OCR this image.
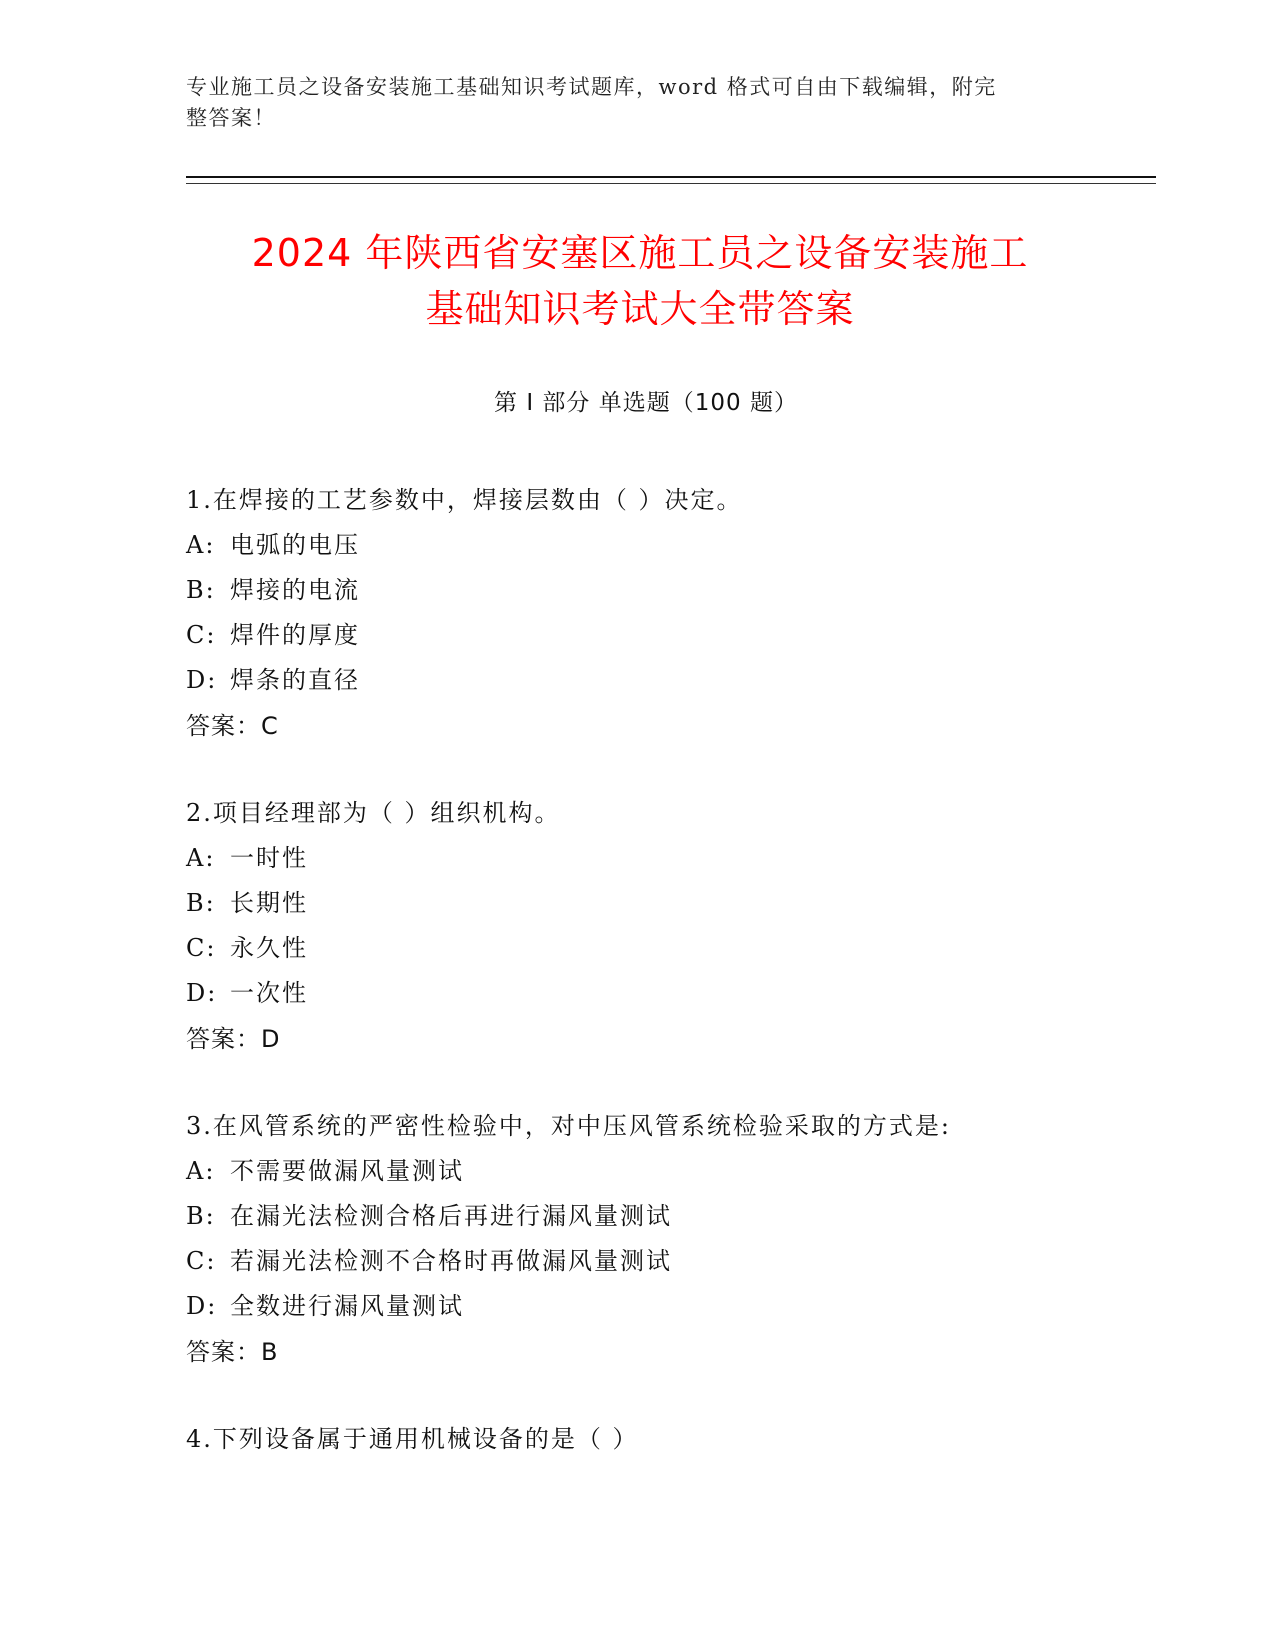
专业施工员之设备安装施工基础知识考试题库，word 格式可自由下载编辑，附完
整答案！
2024 年陕西省安塞区施工员之设备安装施工
基础知识考试大全带答案
第 I 部分 单选题（100 题）
1.在焊接的工艺参数中，焊接层数由（ ）决定。
A: 电弧的电压
B: 焊接的电流
C: 焊件的厚度
D: 焊条的直径
答案：C
2.项目经理部为（ ）组织机构。
A: 一时性
B: 长期性
C: 永久性
D: 一次性
答案：D
3.在风管系统的严密性检验中，对中压风管系统检验采取的方式是:
A: 不需要做漏风量测试
B: 在漏光法检测合格后再进行漏风量测试
C: 若漏光法检测不合格时再做漏风量测试
D: 全数进行漏风量测试
答案：B
4.下列设备属于通用机械设备的是（ ）
